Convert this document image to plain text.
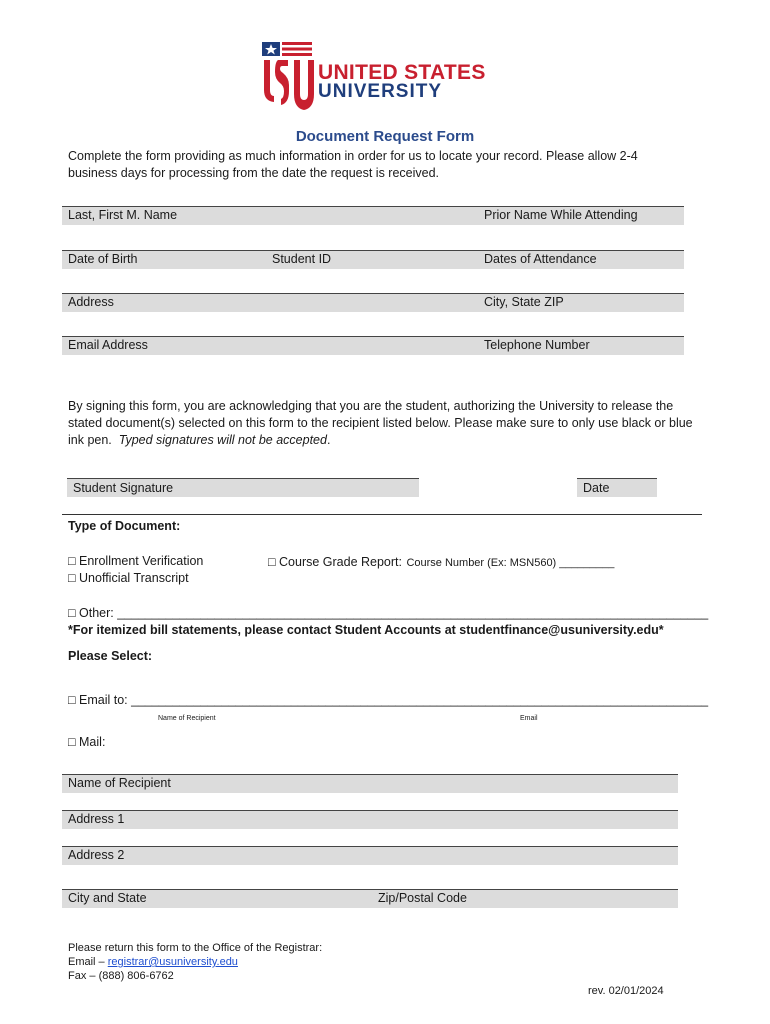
UNITED STATES
UNIVERSITY
Document Request Form
Complete the form providing as much information in order for us to locate your record. Please allow 2-4
business days for processing from the date the request is received.
Last, First M. Name	Prior Name While Attending
Date of Birth	Student ID	Dates of Attendance
Address	City, State ZIP
Email Address	Telephone Number
By signing this form, you are acknowledging that you are the student, authorizing the University to release the
stated document(s) selected on this form to the recipient listed below. Please make sure to only use black or blue
ink pen. Typed signatures will not be accepted.
Student Signature	Date
Type of Document:
□ Enrollment Verification
□ Unofficial Transcript
□ Course Grade Report: Course Number (Ex: MSN560) _________
□ Other: _____________________________________________________________________________________
*For itemized bill statements, please contact Student Accounts at studentfinance@usuniversity.edu*
Please Select:
□ Email to: ___________________________________________________________________________________
Name of Recipient	Email
□ Mail:
Name of Recipient
Address 1
Address 2
City and State	Zip/Postal Code
Please return this form to the Office of the Registrar:
Email – registrar@usuniversity.edu
Fax – (888) 806-6762
rev. 02/01/2024
